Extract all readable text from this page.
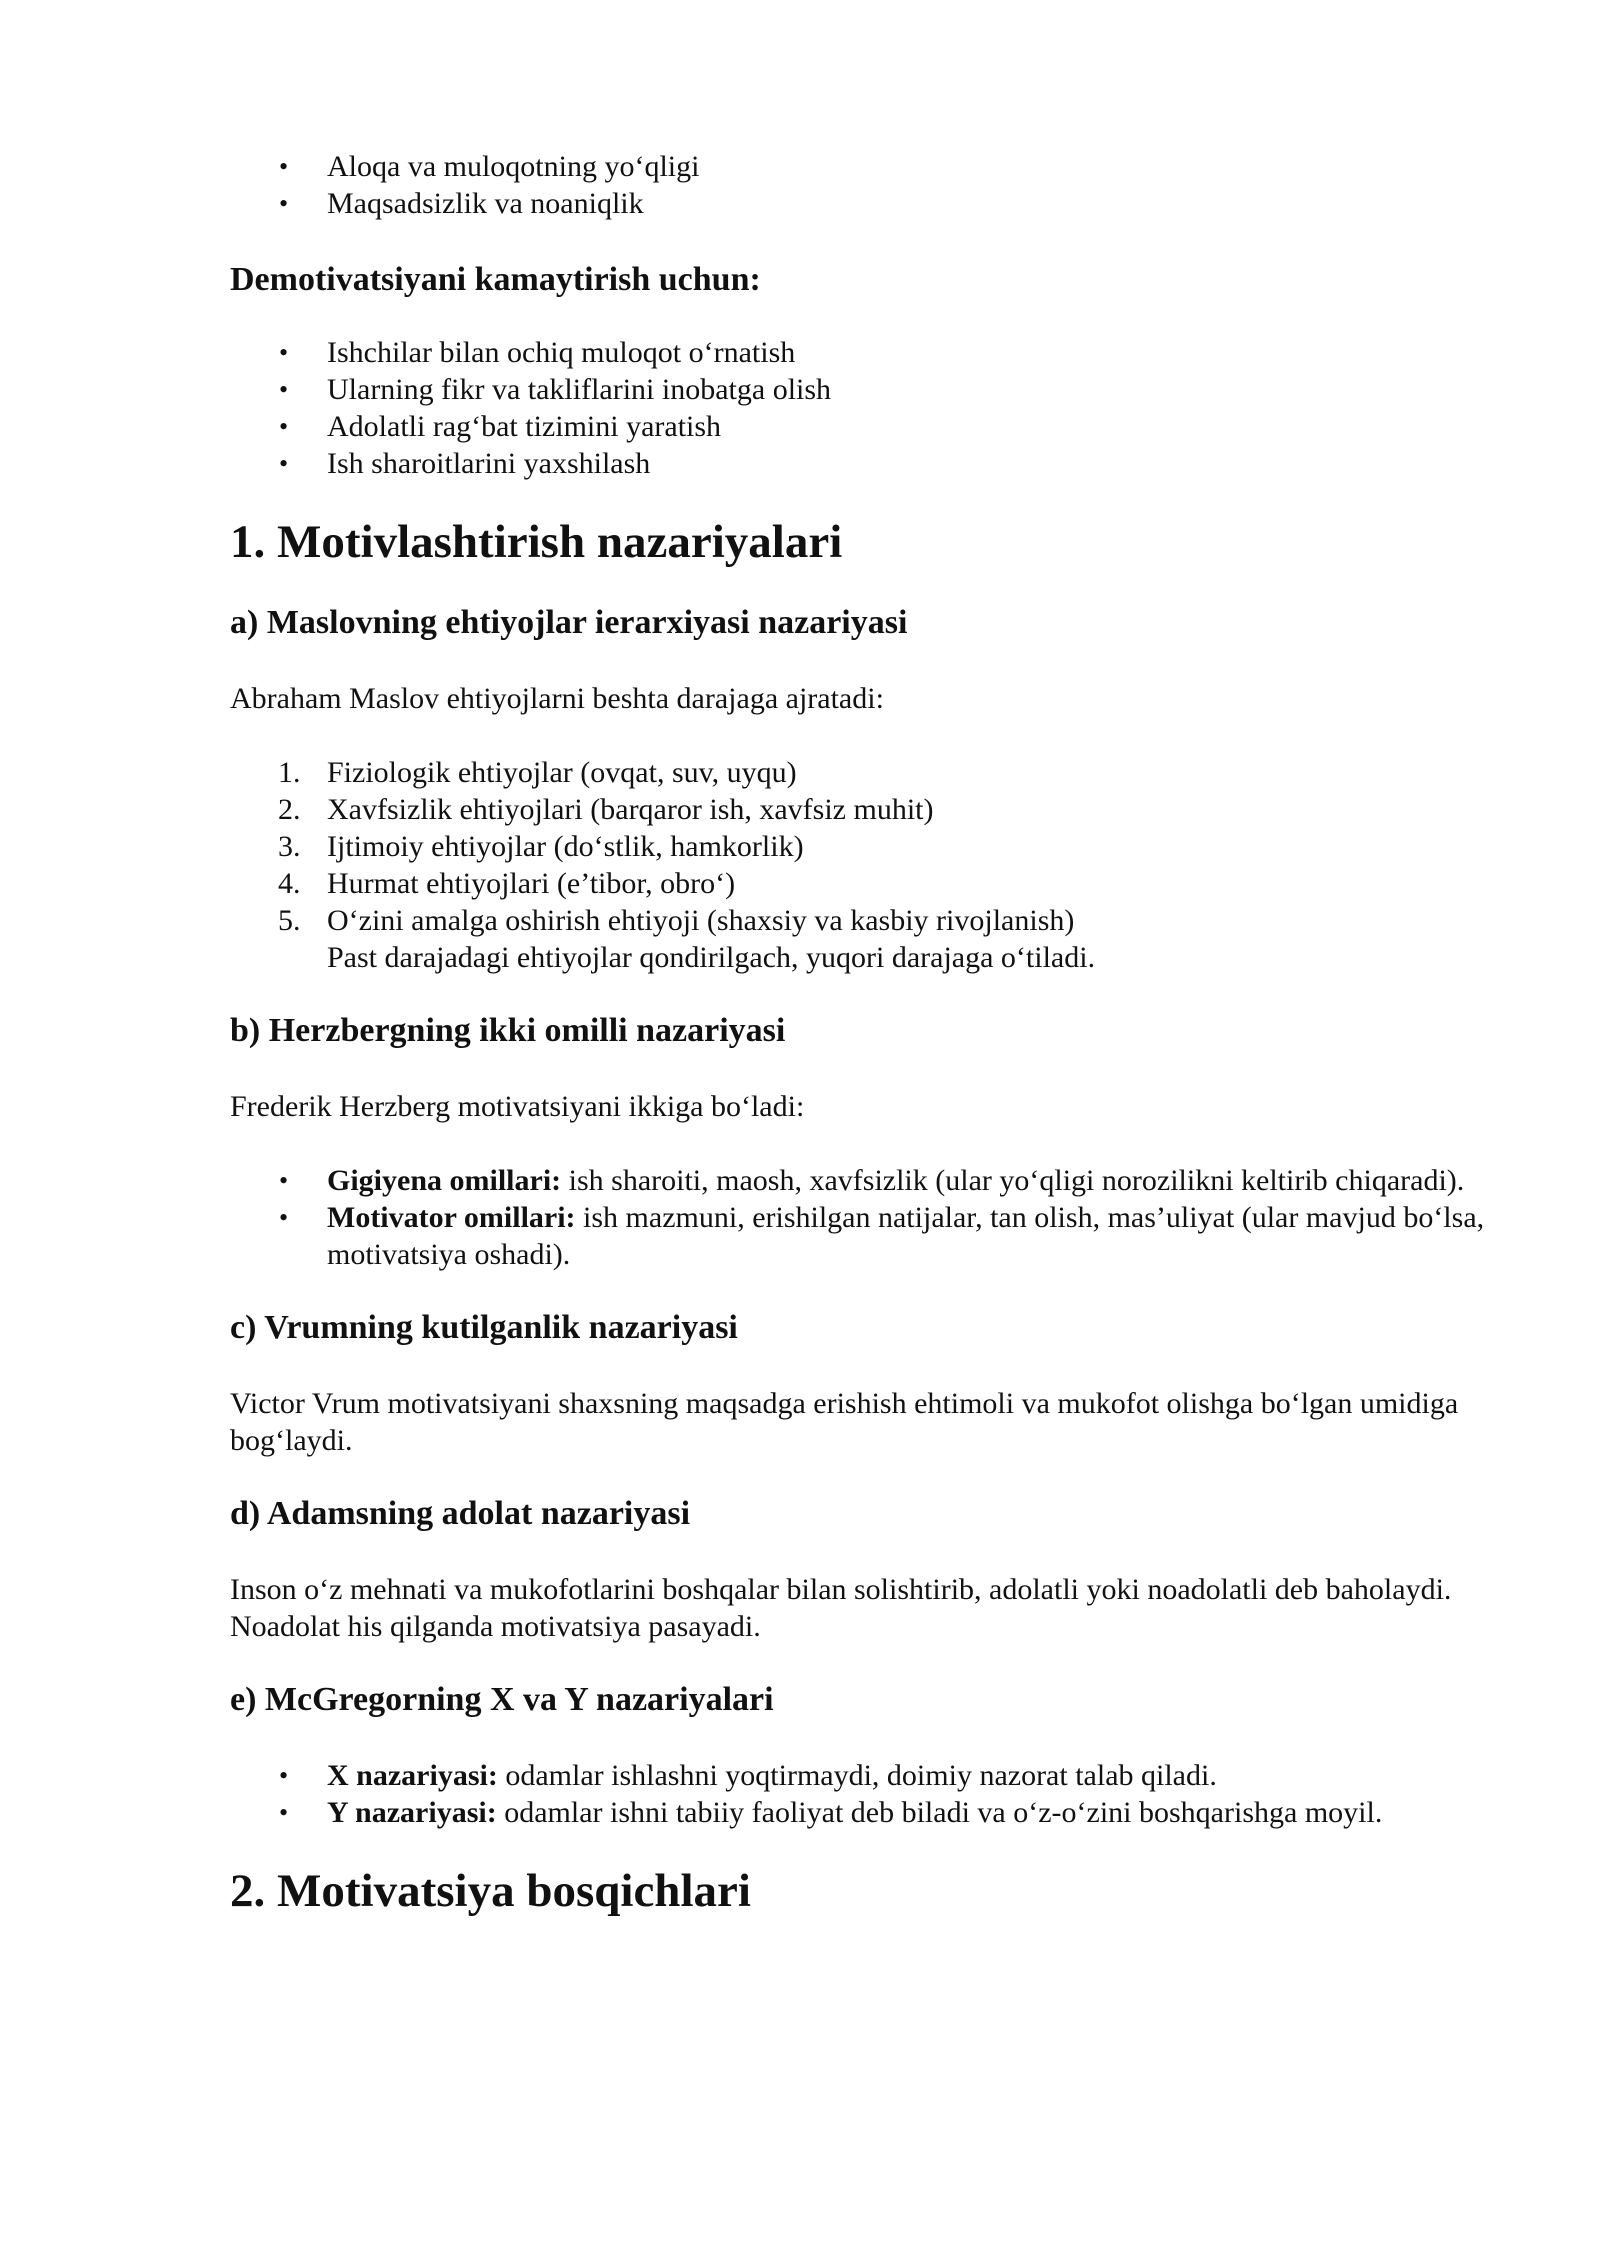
• Aloqa va muloqotning yo‘qligi
• Maqsadsizlik va noaniqlik
Demotivatsiyani kamaytirish uchun:
• Ishchilar bilan ochiq muloqot o‘rnatish
• Ularning fikr va takliflarini inobatga olish
• Adolatli rag‘bat tizimini yaratish
• Ish sharoitlarini yaxshilash
1. Motivlashtirish nazariyalari
a) Maslovning ehtiyojlar ierarxiyasi nazariyasi

Abraham Maslov ehtiyojlarni beshta darajaga ajratadi:

1. Fiziologik ehtiyojlar (ovqat, suv, uyqu)
2. Xavfsizlik ehtiyojlari (barqaror ish, xavfsiz muhit)
3. Ijtimoiy ehtiyojlar (do‘stlik, hamkorlik)
4. Hurmat ehtiyojlari (e’tibor, obro‘)
5. O‘zini amalga oshirish ehtiyoji (shaxsiy va kasbiy rivojlanish)
Past darajadagi ehtiyojlar qondirilgach, yuqori darajaga o‘tiladi.
b) Herzbergning ikki omilli nazariyasi

Frederik Herzberg motivatsiyani ikkiga bo‘ladi:

• Gigiyena omillari: ish sharoiti, maosh, xavfsizlik (ular yo‘qligi norozilikni keltirib chiqaradi).
• Motivator omillari: ish mazmuni, erishilgan natijalar, tan olish, mas’uliyat (ular mavjud bo‘lsa, motivatsiya oshadi).
c) Vrumning kutilganlik nazariyasi

Victor Vrum motivatsiyani shaxsning maqsadga erishish ehtimoli va mukofot olishga bo‘lgan umidiga bog‘laydi.

d) Adamsning adolat nazariyasi

Inson o‘z mehnati va mukofotlarini boshqalar bilan solishtirib, adolatli yoki noadolatli deb baholaydi. Noadolat his qilganda motivatsiya pasayadi.

e) McGregorning X va Y nazariyalari
• X nazariyasi: odamlar ishlashni yoqtirmaydi, doimiy nazorat talab qiladi.
• Y nazariyasi: odamlar ishni tabiiy faoliyat deb biladi va o‘z-o‘zini boshqarishga moyil.
2. Motivatsiya bosqichlari
